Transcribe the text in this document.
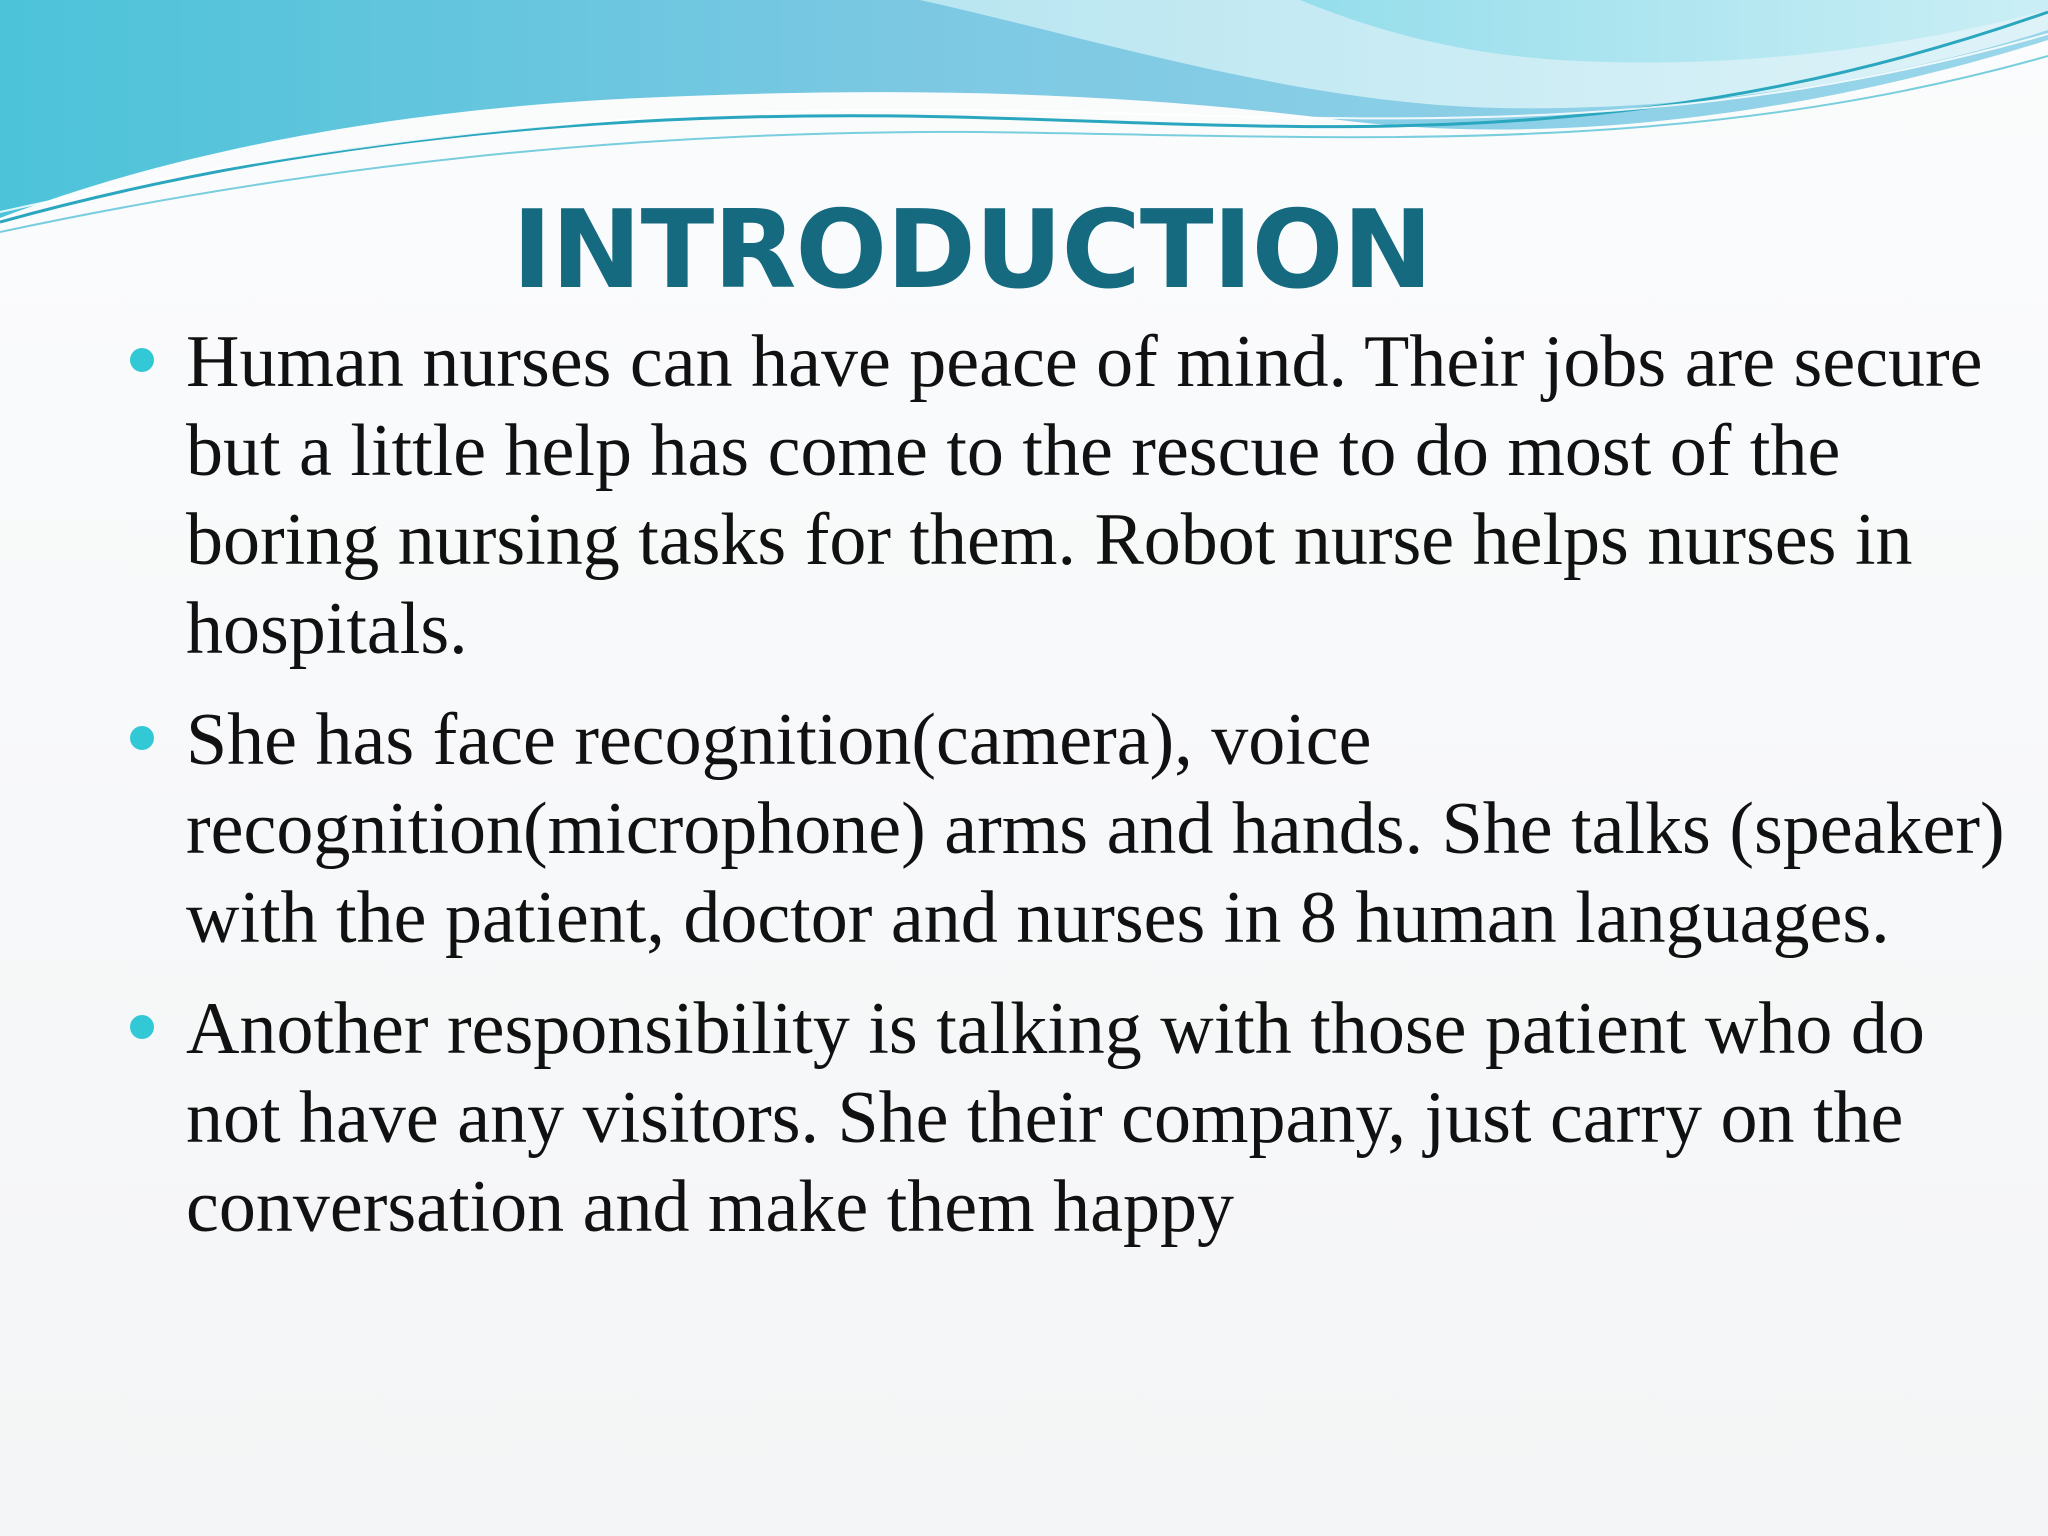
INTRODUCTION
Human nurses can have peace of mind. Their jobs are secure but a little help has come to the rescue to do most of the boring nursing tasks for them. Robot nurse helps nurses in hospitals.
She has face recognition(camera), voice recognition(microphone) arms and hands. She talks (speaker) with the patient, doctor and nurses in 8 human languages.
Another responsibility is talking with those patient who do not have any visitors. She their company, just carry on the conversation and make them happy
